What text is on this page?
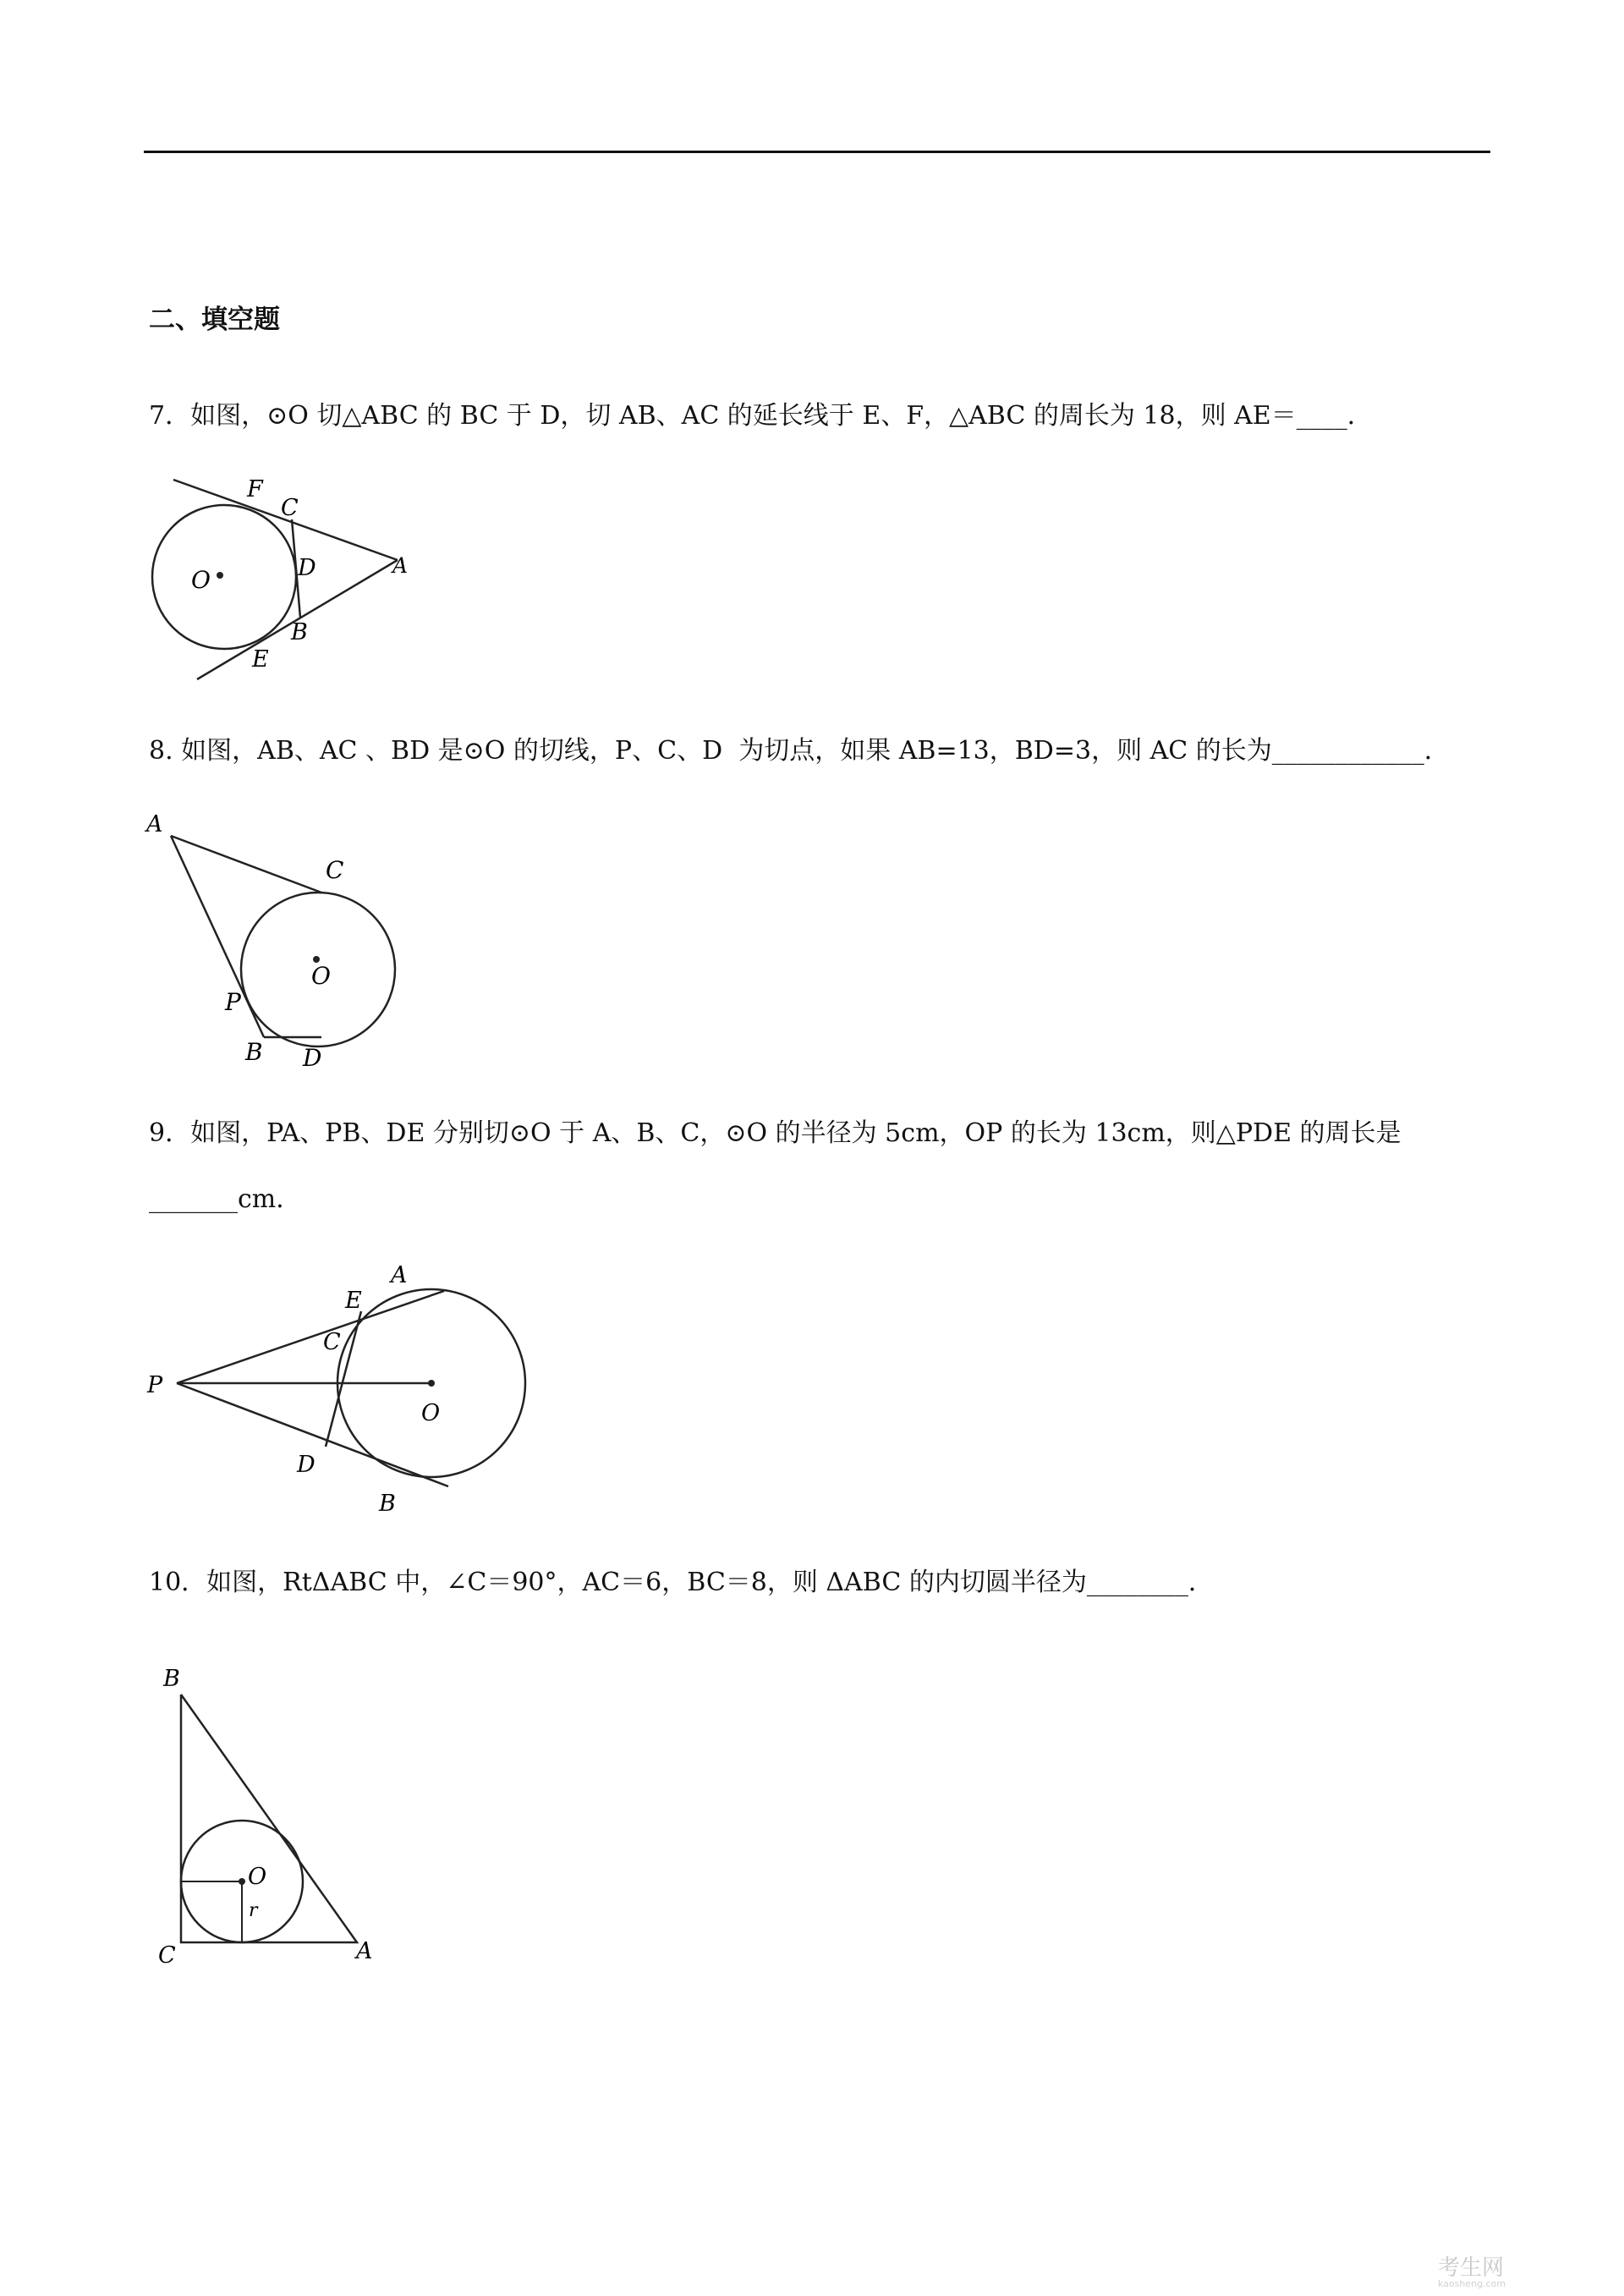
二、填空题
7．如图，⊙O 切△ABC 的 BC 于 D，切 AB、AC 的延长线于 E、F，△ABC 的周长为 18，则 AE＝____．
F
C
O	D	A
B
E
8. 如图，AB、AC 、BD 是⊙O 的切线，P、C、D  为切点，如果 AB=13，BD=3，则 AC 的长为____________．
A
C
O
P
B D
9．如图，PA、PB、DE 分别切⊙O 于 A、B、C，⊙O 的半径为 5cm，OP 的长为 13cm，则△PDE 的周长是
_______cm．
A
E
C
P
O
D
B
10．如图，RtΔABC 中，∠C＝90°，AC＝6，BC＝8，则 ΔABC 的内切圆半径为________．
B
O
r
C	A
考生网
kaosheng.com
